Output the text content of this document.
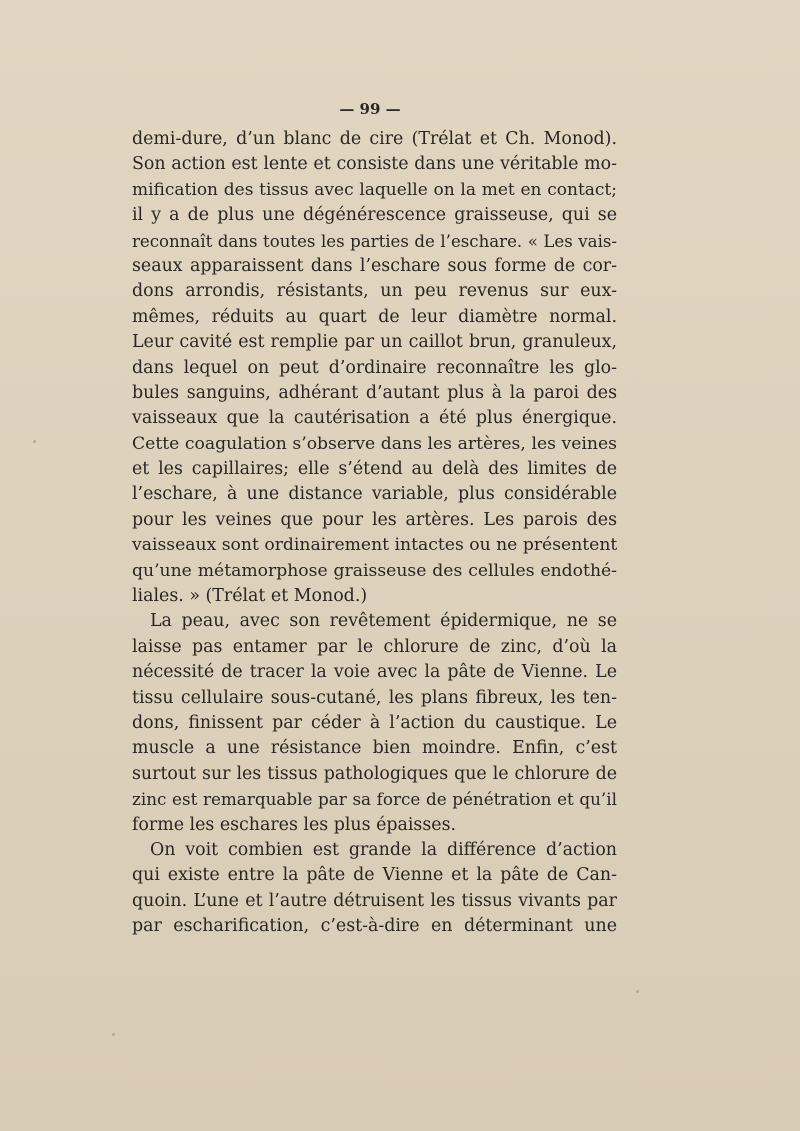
— 99 —
demi-dure, d’un blanc de cire (Trélat et Ch. Monod).
Son action est lente et consiste dans une véritable mo-
mification des tissus avec laquelle on la met en contact;
il y a de plus une dégénérescence graisseuse, qui se
reconnaît dans toutes les parties de l’eschare. « Les vais-
seaux apparaissent dans l’eschare sous forme de cor-
dons arrondis, résistants, un peu revenus sur eux-
mêmes, réduits au quart de leur diamètre normal.
Leur cavité est remplie par un caillot brun, granuleux,
dans lequel on peut d’ordinaire reconnaître les glo-
bules sanguins, adhérant d’autant plus à la paroi des
vaisseaux que la cautérisation a été plus énergique.
Cette coagulation s’observe dans les artères, les veines
et les capillaires; elle s’étend au delà des limites de
l’eschare, à une distance variable, plus considérable
pour les veines que pour les artères. Les parois des
vaisseaux sont ordinairement intactes ou ne présentent
qu’une métamorphose graisseuse des cellules endothé-
liales. » (Trélat et Monod.)
La peau, avec son revêtement épidermique, ne se
laisse pas entamer par le chlorure de zinc, d’où la
nécessité de tracer la voie avec la pâte de Vienne. Le
tissu cellulaire sous-cutané, les plans fibreux, les ten-
dons, finissent par céder à l’action du caustique. Le
muscle a une résistance bien moindre. Enfin, c’est
surtout sur les tissus pathologiques que le chlorure de
zinc est remarquable par sa force de pénétration et qu’il
forme les eschares les plus épaisses.
On voit combien est grande la différence d’action
qui existe entre la pâte de Vienne et la pâte de Can-
quoin. L’une et l’autre détruisent les tissus vivants par
par escharification, c’est-à-dire en déterminant une
